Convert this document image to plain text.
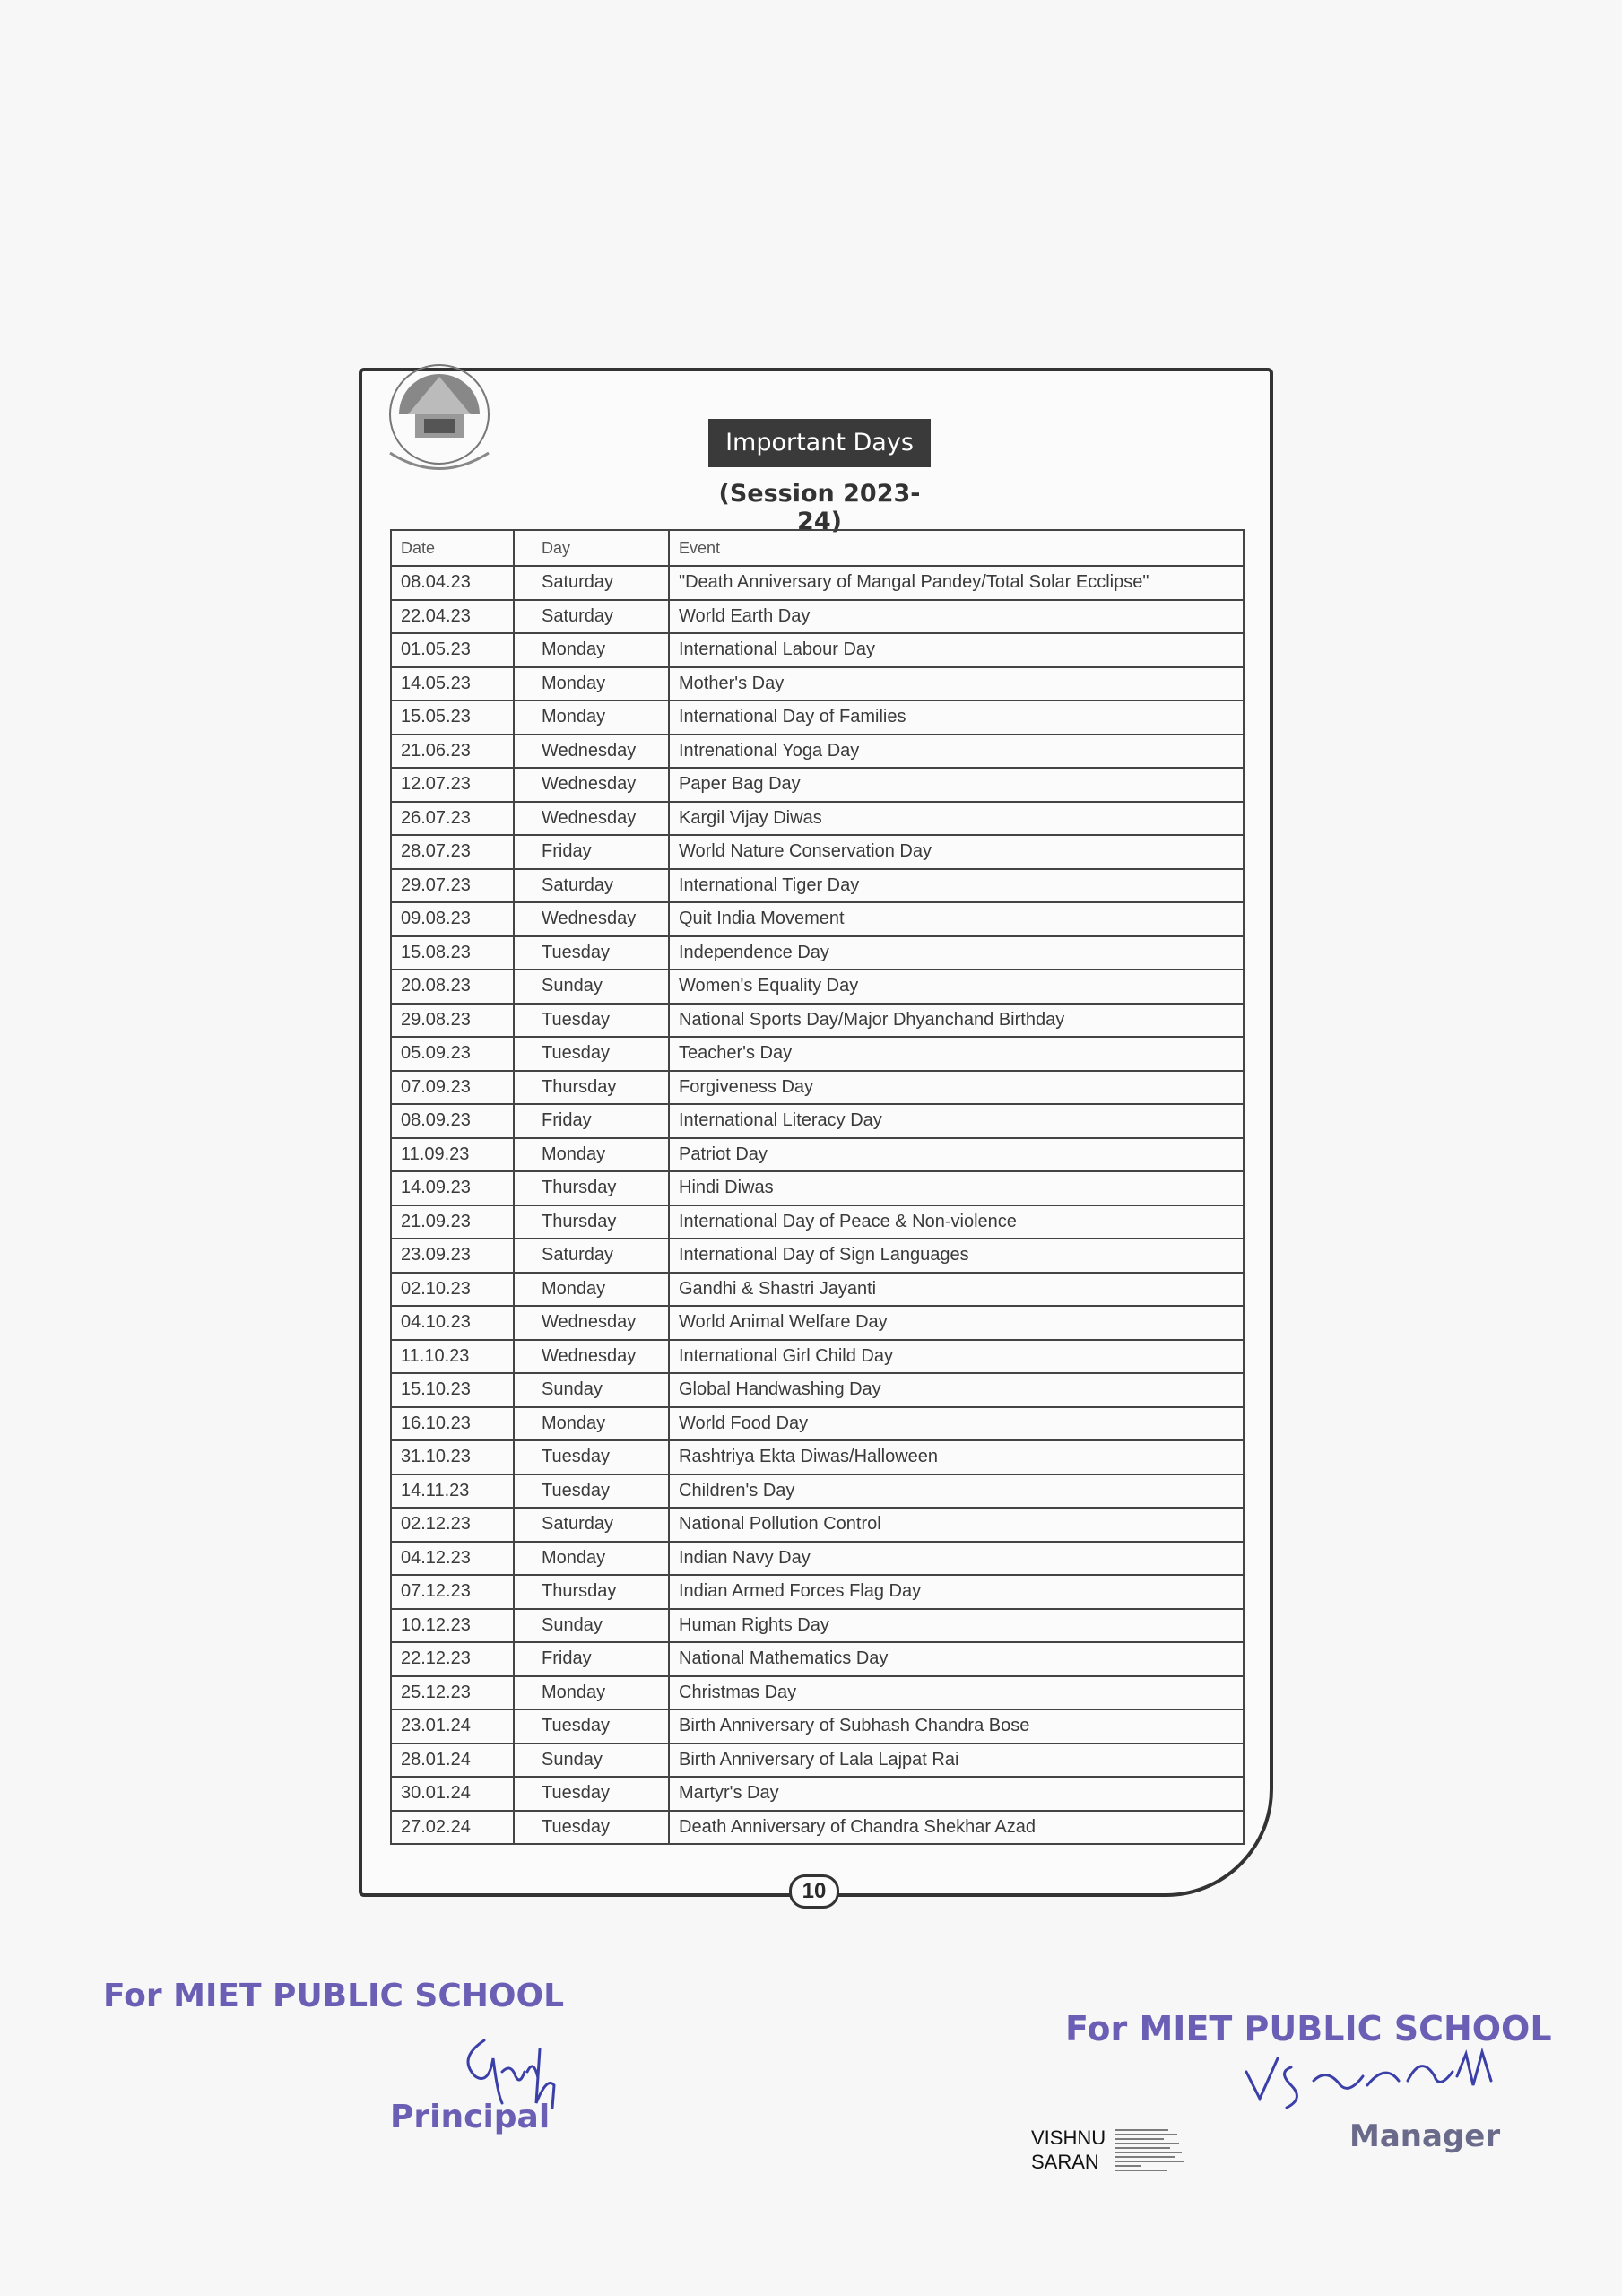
Important Days
(Session 2023-24)
Date	Day	Event
08.04.23	Saturday	"Death Anniversary of Mangal Pandey/Total Solar Ecclipse"
22.04.23	Saturday	World Earth Day
01.05.23	Monday	International Labour Day
14.05.23	Monday	Mother's Day
15.05.23	Monday	International Day of Families
21.06.23	Wednesday	Intrenational Yoga Day
12.07.23	Wednesday	Paper Bag Day
26.07.23	Wednesday	Kargil Vijay Diwas
28.07.23	Friday	World Nature Conservation Day
29.07.23	Saturday	International Tiger Day
09.08.23	Wednesday	Quit India Movement
15.08.23	Tuesday	Independence Day
20.08.23	Sunday	Women's Equality Day
29.08.23	Tuesday	National Sports Day/Major Dhyanchand Birthday
05.09.23	Tuesday	Teacher's Day
07.09.23	Thursday	Forgiveness Day
08.09.23	Friday	International Literacy Day
11.09.23	Monday	Patriot Day
14.09.23	Thursday	Hindi Diwas
21.09.23	Thursday	International Day of Peace & Non-violence
23.09.23	Saturday	International Day of Sign Languages
02.10.23	Monday	Gandhi & Shastri Jayanti
04.10.23	Wednesday	World Animal Welfare Day
11.10.23	Wednesday	International Girl Child Day
15.10.23	Sunday	Global Handwashing Day
16.10.23	Monday	World Food Day
31.10.23	Tuesday	Rashtriya Ekta Diwas/Halloween
14.11.23	Tuesday	Children's Day
02.12.23	Saturday	National Pollution Control
04.12.23	Monday	Indian Navy Day
07.12.23	Thursday	Indian Armed Forces Flag Day
10.12.23	Sunday	Human Rights Day
22.12.23	Friday	National Mathematics Day
25.12.23	Monday	Christmas Day
23.01.24	Tuesday	Birth Anniversary of Subhash Chandra Bose
28.01.24	Sunday	Birth Anniversary of Lala Lajpat Rai
30.01.24	Tuesday	Martyr's Day
27.02.24	Tuesday	Death Anniversary of Chandra Shekhar Azad
10
For MIET PUBLIC SCHOOL
Principal
For MIET PUBLIC SCHOOL
Manager
VISHNU
SARAN
